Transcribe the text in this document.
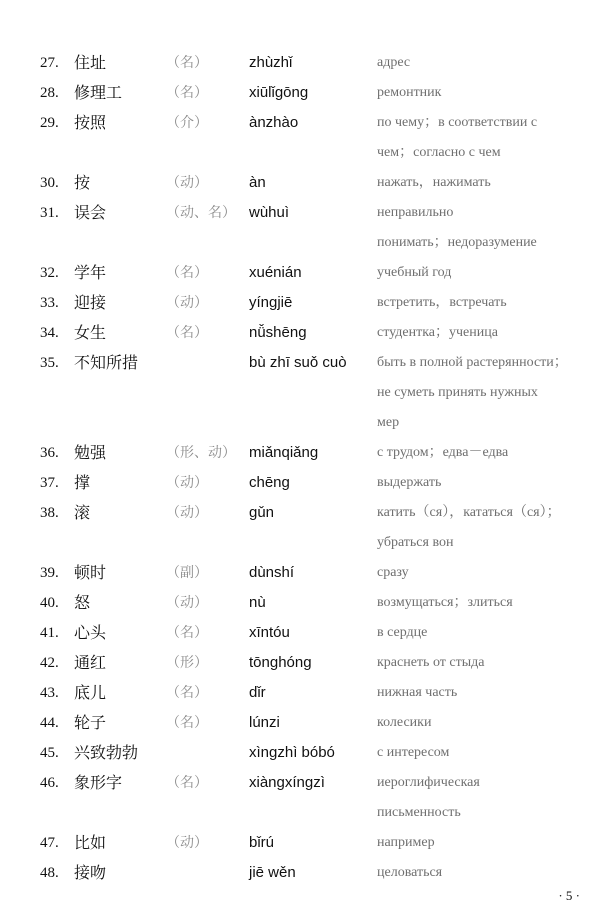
27. 住址	（名）	zhùzhǐ	адрес
28. 修理工	（名）	xiūlǐgōng	ремонтник
29. 按照	（介）	ànzhào	по чему；в соответствии с
чем；согласно с чем
30. 按	（动）	àn	нажать，нажимать
31. 误会	（动、名） wùhuì	неправильно
понимать；недоразумение
32. 学年	（名）	xuénián	учебный год
33. 迎接	（动）	yíngjiē	встретить，встречать
34. 女生	（名）	nǚshēng	студентка；ученица
35. 不知所措	bù zhī suǒ cuò быть в полной растерянности；
не суметь принять нужных
мер
36. 勉强	（形、动） miǎnqiǎng	с трудом；едва－едва
37. 撑	（动）	chēng	выдержать
38. 滚	（动）	gǔn	катить（ся），кататься（ся）；
убраться вон
39. 顿时	（副）	dùnshí	сразу
40. 怒	（动）	nù	возмущаться；злиться
41. 心头	（名）	xīntóu	в сердце
42. 通红	（形）	tōnghóng	краснеть от стыда
43. 底儿	（名）	dǐr	нижная часть
44. 轮子	（名）	lúnzi	колесики
45. 兴致勃勃	xìngzhì bóbó	с интересом
46. 象形字	（名）	xiàngxíngzì	иероглифическая
письменность
47. 比如	（动）	bǐrú	например
48. 接吻	jiē wěn	целоваться
· 5 ·
